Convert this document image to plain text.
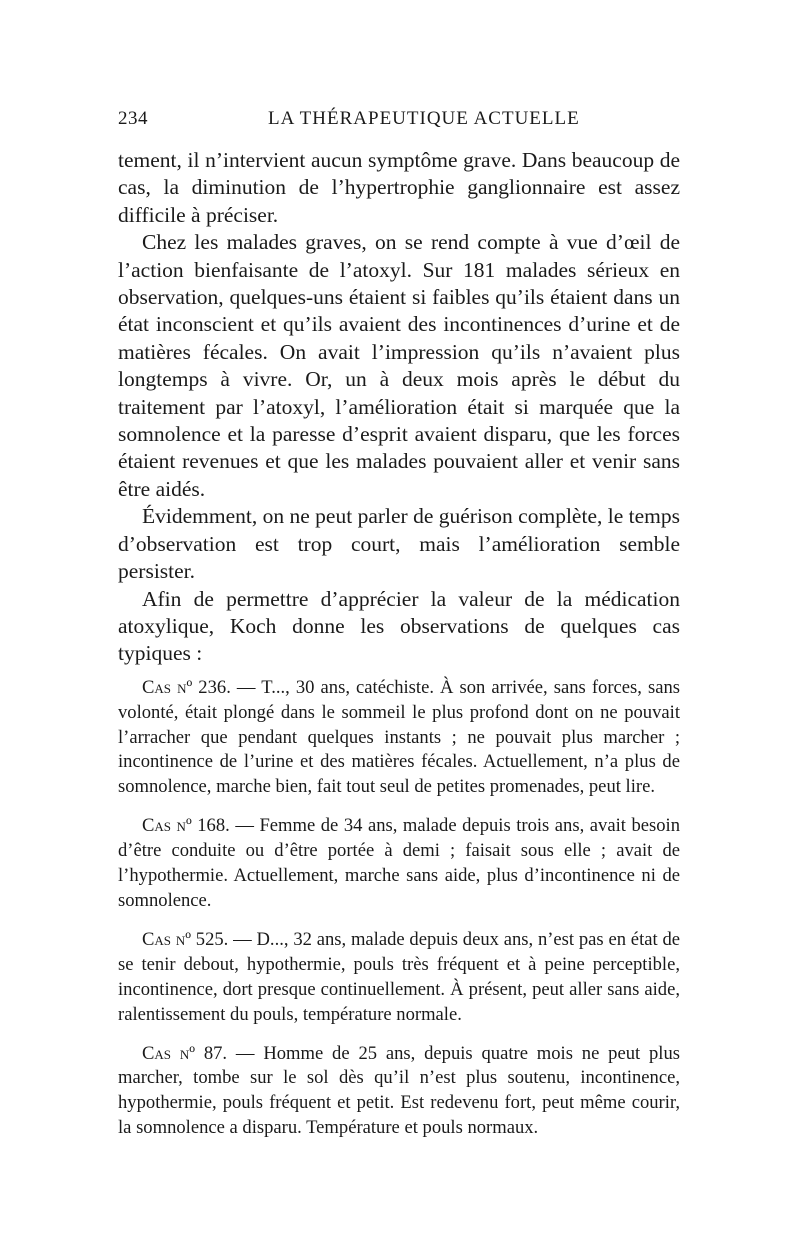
234	LA THÉRAPEUTIQUE ACTUELLE

tement, il n’intervient aucun symptôme grave. Dans beaucoup de cas, la diminution de l’hypertrophie ganglionnaire est assez difficile à préciser.

Chez les malades graves, on se rend compte à vue d’œil de l’action bienfaisante de l’atoxyl. Sur 181 malades sérieux en observation, quelques-uns étaient si faibles qu’ils étaient dans un état inconscient et qu’ils avaient des incontinences d’urine et de matières fécales. On avait l’impression qu’ils n’avaient plus longtemps à vivre. Or, un à deux mois après le début du traitement par l’atoxyl, l’amélioration était si marquée que la somnolence et la paresse d’esprit avaient disparu, que les forces étaient revenues et que les malades pouvaient aller et venir sans être aidés.

Évidemment, on ne peut parler de guérison complète, le temps d’observation est trop court, mais l’amélioration semble persister.

Afin de permettre d’apprécier la valeur de la médication atoxylique, Koch donne les observations de quelques cas typiques :

Cas nº 236. — T..., 30 ans, catéchiste. À son arrivée, sans forces, sans volonté, était plongé dans le sommeil le plus profond dont on ne pouvait l’arracher que pendant quelques instants ; ne pouvait plus marcher ; incontinence de l’urine et des matières fécales. Actuellement, n’a plus de somnolence, marche bien, fait tout seul de petites promenades, peut lire.

Cas nº 168. — Femme de 34 ans, malade depuis trois ans, avait besoin d’être conduite ou d’être portée à demi ; faisait sous elle ; avait de l’hypothermie. Actuellement, marche sans aide, plus d’incontinence ni de somnolence.

Cas nº 525. — D..., 32 ans, malade depuis deux ans, n’est pas en état de se tenir debout, hypothermie, pouls très fréquent et à peine perceptible, incontinence, dort presque continuellement. À présent, peut aller sans aide, ralentissement du pouls, température normale.

Cas nº 87. — Homme de 25 ans, depuis quatre mois ne peut plus marcher, tombe sur le sol dès qu’il n’est plus soutenu, incontinence, hypothermie, pouls fréquent et petit. Est redevenu fort, peut même courir, la somnolence a disparu. Température et pouls normaux.
